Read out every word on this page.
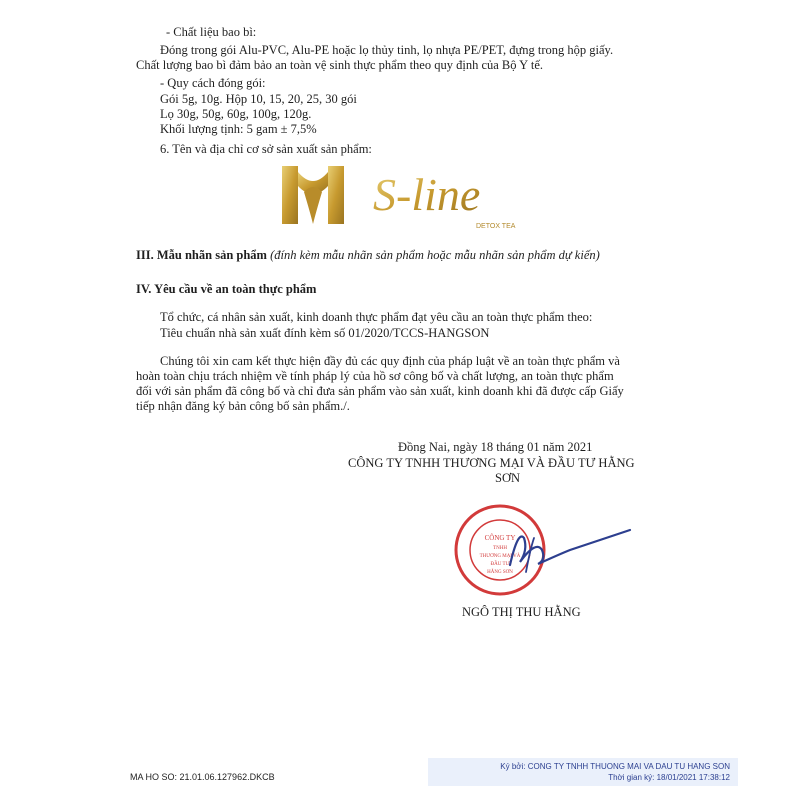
- Chất liệu bao bì:
Đóng trong gói Alu-PVC, Alu-PE hoặc lọ thủy tinh, lọ nhựa PE/PET, đựng trong hộp giấy.
Chất lượng bao bì đảm bảo an toàn vệ sinh thực phẩm theo quy định của Bộ Y tế.
- Quy cách đóng gói:
Gói 5g, 10g. Hộp 10, 15, 20, 25, 30 gói
Lọ 30g, 50g, 60g, 100g, 120g.
Khối lượng tịnh: 5 gam ± 7,5%
6. Tên và địa chỉ cơ sở sản xuất sản phẩm:
S-line
DETOX TEA
III. Mẫu nhãn sản phẩm (đính kèm mẫu nhãn sản phẩm hoặc mẫu nhãn sản phẩm dự kiến)
IV. Yêu cầu về an toàn thực phẩm
Tổ chức, cá nhân sản xuất, kinh doanh thực phẩm đạt yêu cầu an toàn thực phẩm theo:
Tiêu chuẩn nhà sản xuất đính kèm số 01/2020/TCCS-HANGSON
Chúng tôi xin cam kết thực hiện đầy đủ các quy định của pháp luật về an toàn thực phẩm và
hoàn toàn chịu trách nhiệm về tính pháp lý của hồ sơ công bố và chất lượng, an toàn thực phẩm
đối với sản phẩm đã công bố và chỉ đưa sản phẩm vào sản xuất, kinh doanh khi đã được cấp Giấy
tiếp nhận đăng ký bản công bố sản phẩm./.
Đồng Nai, ngày 18 tháng 01 năm 2021
CÔNG TY TNHH THƯƠNG MẠI VÀ ĐẦU TƯ HẰNG
SƠN
CÔNG TY
TNHH
THƯƠNG MẠI VÀ
ĐẦU TƯ
HẰNG SƠN
NGÔ THỊ THU HẰNG
MA HO SO: 21.01.06.127962.DKCB
Ký bởi: CONG TY TNHH THUONG MAI VA DAU TU HANG SON
Thời gian ký: 18/01/2021 17:38:12
